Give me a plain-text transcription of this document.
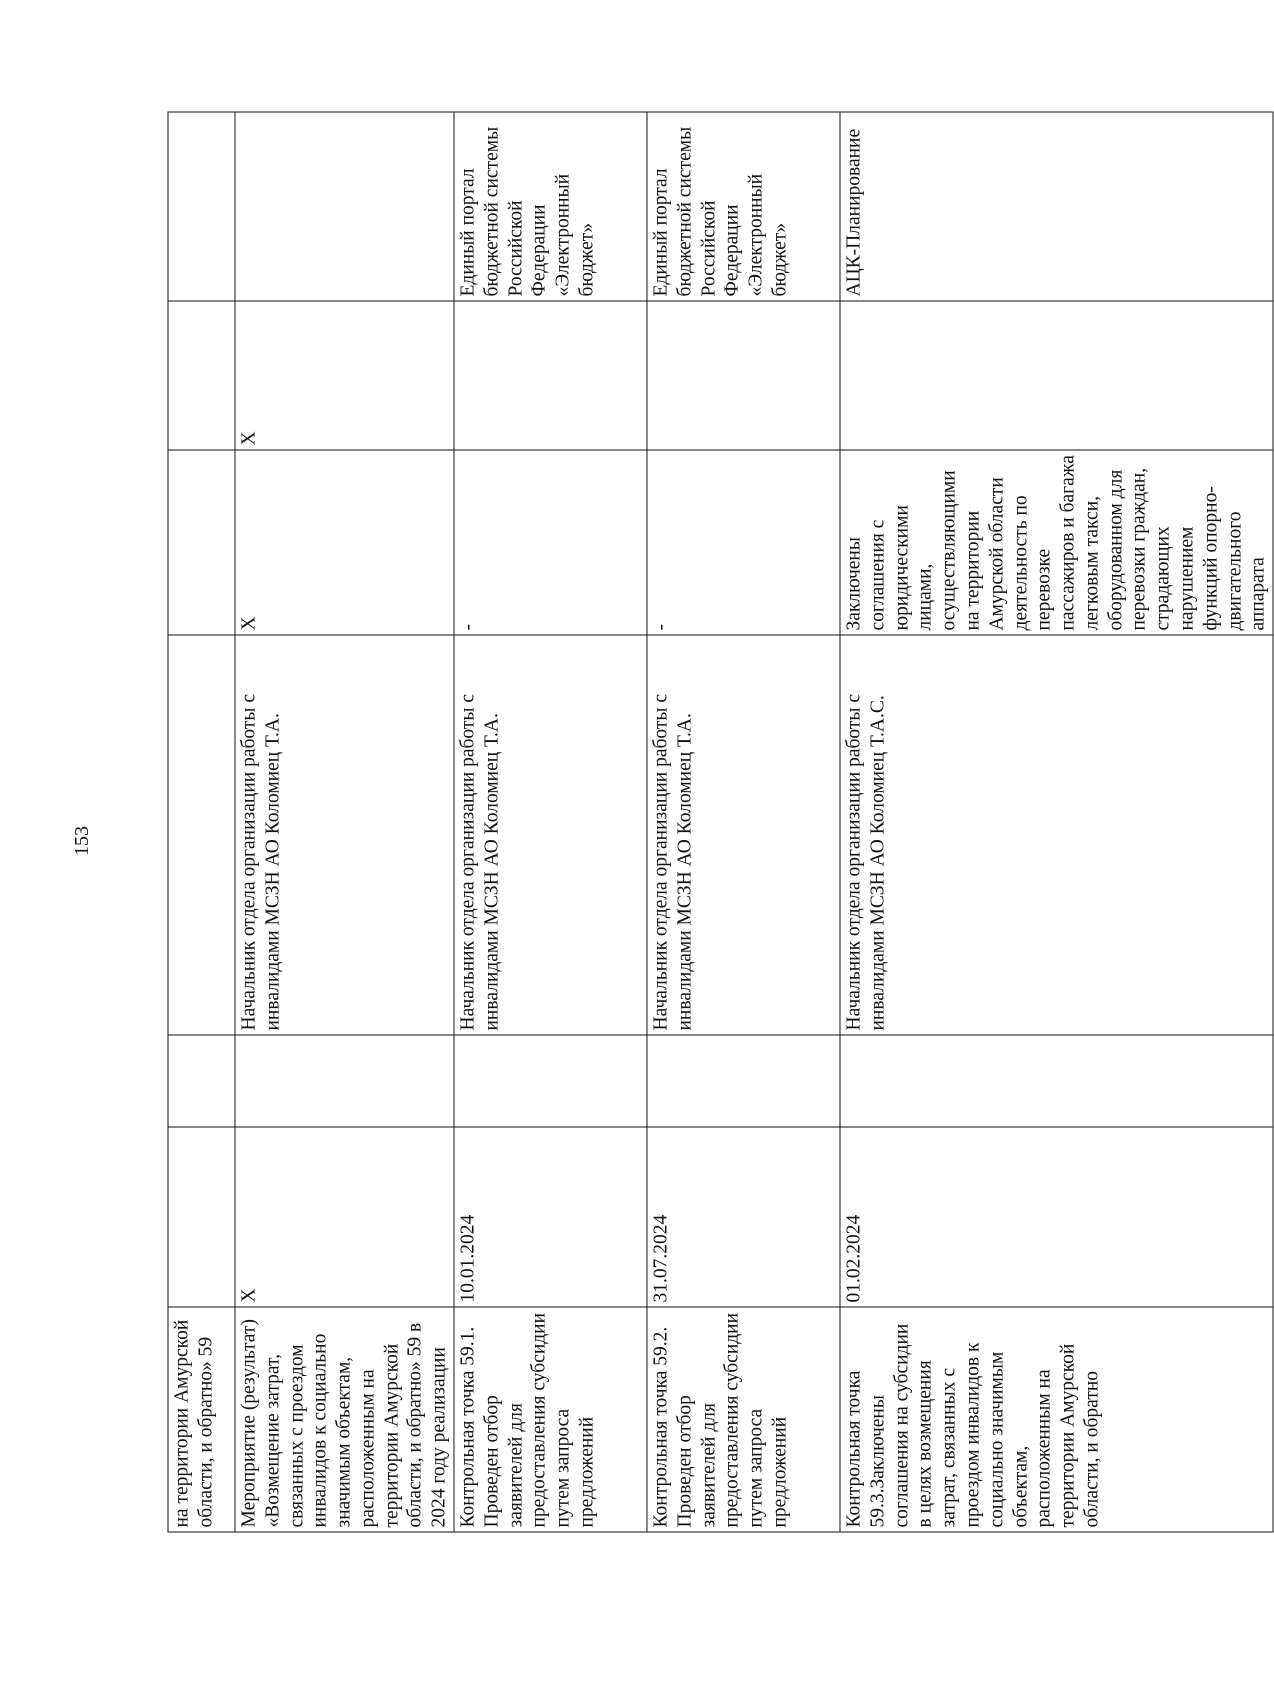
153
на территории Амурской области, и обратно» 59						
Мероприятие (результат) «Возмещение затрат, связанных с проездом инвалидов к социально значимым объектам, расположенным на территории Амурской области, и обратно» 59 в 2024 году реализации	X		Начальник отдела организации работы с инвалидами МСЗН АО Коломиец Т.А.	X	X	
Контрольная точка 59.1. Проведен отбор заявителей для предоставления субсидии путем запроса предложений	10.01.2024		Начальник отдела организации работы с инвалидами МСЗН АО Коломиец Т.А.	-		Единый портал бюджетной системы Российской Федерации «Электронный бюджет»
Контрольная точка 59.2. Проведен отбор заявителей для предоставления субсидии путем запроса предложений	31.07.2024		Начальник отдела организации работы с инвалидами МСЗН АО Коломиец Т.А.	-		Единый портал бюджетной системы Российской Федерации «Электронный бюджет»
Контрольная точка 59.3.Заключены соглашения на субсидии в целях возмещения затрат, связанных с проездом инвалидов к социально значимым объектам, расположенным на территории Амурской области, и обратно	01.02.2024		Начальник отдела организации работы с инвалидами МСЗН АО Коломиец Т.А.С.	Заключены соглашения с юридическими лицами, осуществляющими на территории Амурской области деятельность по перевозке пассажиров и багажа легковым такси, оборудованном для перевозки граждан, страдающих нарушением функций опорно-двигательного аппарата		АЦК-Планирование
